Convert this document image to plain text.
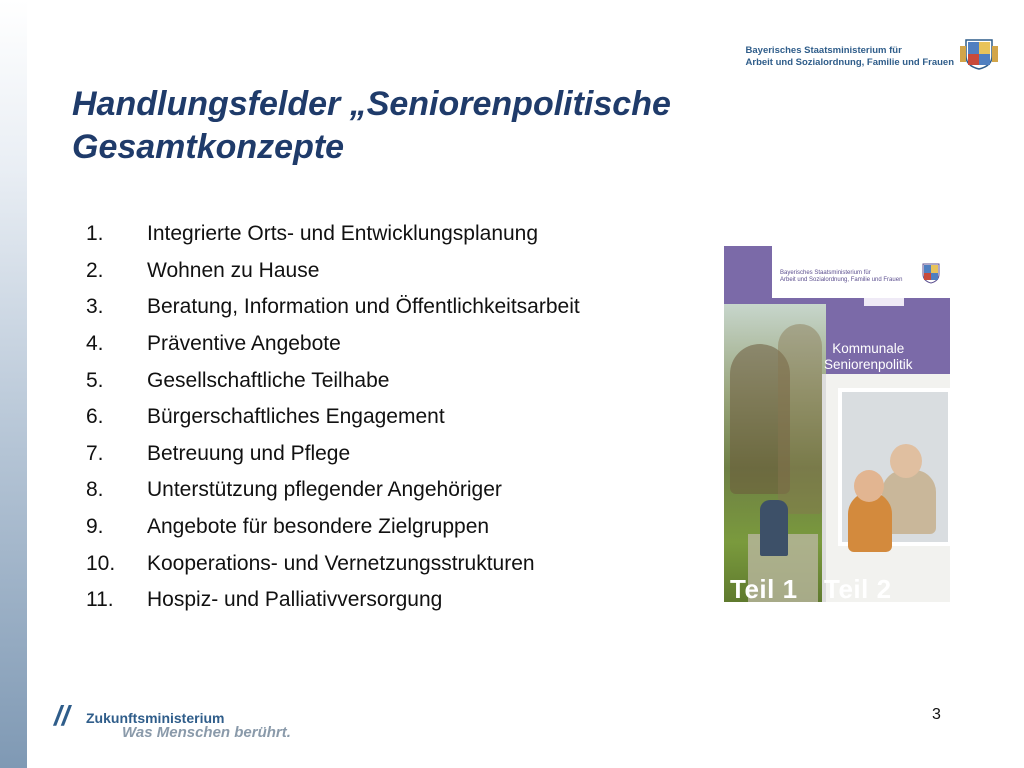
Bayerisches Staatsministerium für
Arbeit und Sozialordnung, Familie und Frauen
Handlungsfelder „Seniorenpolitische
Gesamtkonzepte
1.	Integrierte Orts- und Entwicklungsplanung
2.	Wohnen zu Hause
3.	Beratung, Information und Öffentlichkeitsarbeit
4.	Präventive Angebote
5.	Gesellschaftliche Teilhabe
6.	Bürgerschaftliches Engagement
7.	Betreuung und Pflege
8.	Unterstützung pflegender Angehöriger
9.	Angebote für besondere Zielgruppen
10.	Kooperations- und Vernetzungsstrukturen
11.	Hospiz- und Palliativversorgung
Bayerisches Staatsministerium für
Arbeit und Sozialordnung, Familie und Frauen
Kommunale
Seniorenpolitik
Teil 1 Teil 2
// Zukunftsministerium
Was Menschen berührt.
3
